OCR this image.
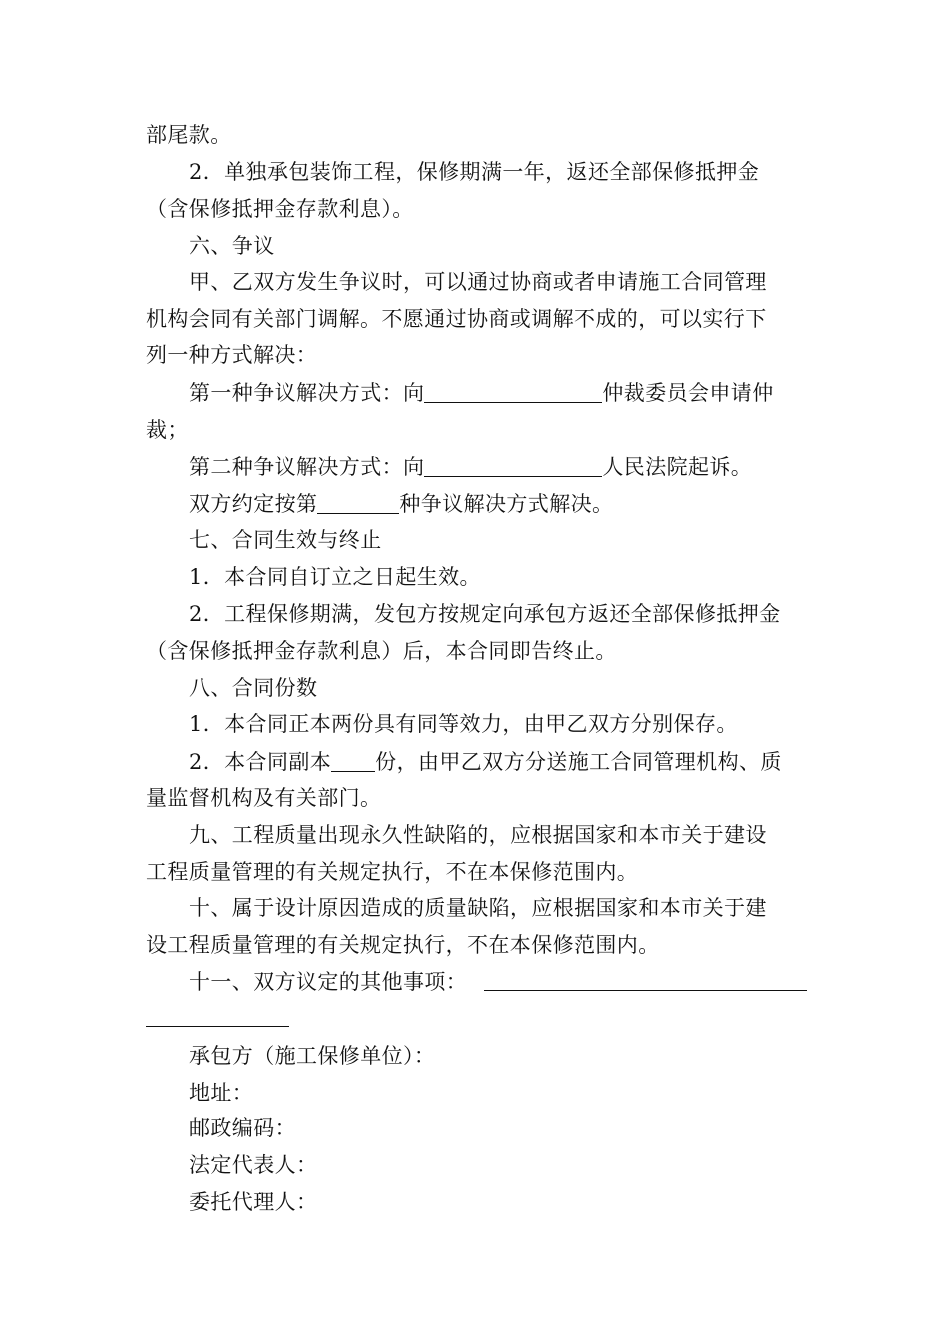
部尾款。
2．单独承包装饰工程，保修期满一年，返还全部保修抵押金
（含保修抵押金存款利息）。
六、争议
甲、乙双方发生争议时，可以通过协商或者申请施工合同管理
机构会同有关部门调解。不愿通过协商或调解不成的，可以实行下
列一种方式解决：
第一种争议解决方式：向	仲裁委员会申请仲
裁；
第二种争议解决方式：向	人民法院起诉。
双方约定按第	种争议解决方式解决。
七、合同生效与终止
1．本合同自订立之日起生效。
2．工程保修期满，发包方按规定向承包方返还全部保修抵押金
（含保修抵押金存款利息）后，本合同即告终止。
八、合同份数
1．本合同正本两份具有同等效力，由甲乙双方分别保存。
2．本合同副本 份，由甲乙双方分送施工合同管理机构、质
量监督机构及有关部门。
九、工程质量出现永久性缺陷的，应根据国家和本市关于建设
工程质量管理的有关规定执行，不在本保修范围内。
十、属于设计原因造成的质量缺陷，应根据国家和本市关于建
设工程质量管理的有关规定执行，不在本保修范围内。
十一、双方议定的其他事项：
承包方（施工保修单位）：
地址：
邮政编码：
法定代表人：
委托代理人：
